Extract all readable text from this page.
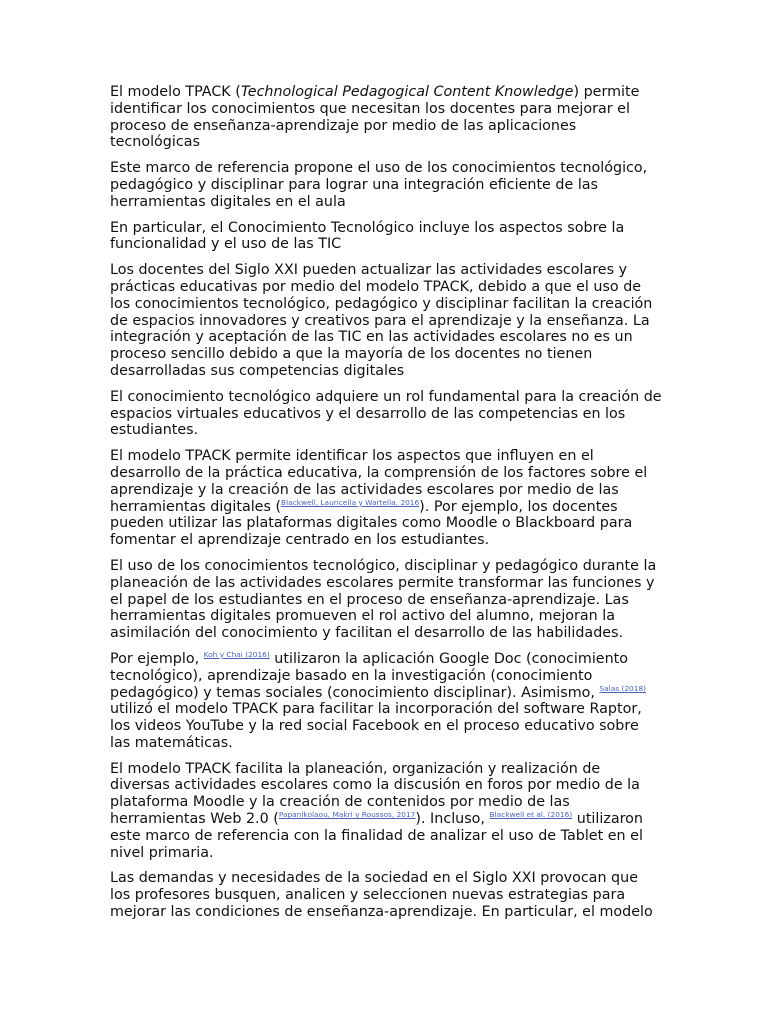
El modelo TPACK (Technological Pedagogical Content Knowledge) permite identificar los conocimientos que necesitan los docentes para mejorar el proceso de enseñanza-aprendizaje por medio de las aplicaciones tecnológicas

Este marco de referencia propone el uso de los conocimientos tecnológico, pedagógico y disciplinar para lograr una integración eficiente de las herramientas digitales en el aula

En particular, el Conocimiento Tecnológico incluye los aspectos sobre la funcionalidad y el uso de las TIC

Los docentes del Siglo XXI pueden actualizar las actividades escolares y prácticas educativas por medio del modelo TPACK, debido a que el uso de los conocimientos tecnológico, pedagógico y disciplinar facilitan la creación de espacios innovadores y creativos para el aprendizaje y la enseñanza. La integración y aceptación de las TIC en las actividades escolares no es un proceso sencillo debido a que la mayoría de los docentes no tienen desarrolladas sus competencias digitales

El conocimiento tecnológico adquiere un rol fundamental para la creación de espacios virtuales educativos y el desarrollo de las competencias en los estudiantes.

El modelo TPACK permite identificar los aspectos que influyen en el desarrollo de la práctica educativa, la comprensión de los factores sobre el aprendizaje y la creación de las actividades escolares por medio de las herramientas digitales ($^{Blackwell, Lauricella y Wartella, 2016}$). Por ejemplo, los docentes pueden utilizar las plataformas digitales como Moodle o Blackboard para fomentar el aprendizaje centrado en los estudiantes.

El uso de los conocimientos tecnológico, disciplinar y pedagógico durante la planeación de las actividades escolares permite transformar las funciones y el papel de los estudiantes en el proceso de enseñanza-aprendizaje. Las herramientas digitales promueven el rol activo del alumno, mejoran la asimilación del conocimiento y facilitan el desarrollo de las habilidades.

Por ejemplo, $^{Koh y Chai (2016)}$ utilizaron la aplicación Google Doc (conocimiento tecnológico), aprendizaje basado en la investigación (conocimiento pedagógico) y temas sociales (conocimiento disciplinar). Asimismo, $^{Salas (2018)}$ utilizó el modelo TPACK para facilitar la incorporación del software Raptor, los videos YouTube y la red social Facebook en el proceso educativo sobre las matemáticas.

El modelo TPACK facilita la planeación, organización y realización de diversas actividades escolares como la discusión en foros por medio de la plataforma Moodle y la creación de contenidos por medio de las herramientas Web 2.0 ($^{Papanikolaou, Makri y Roussos, 2017}$). Incluso, $^{Blackwell et al. (2016)}$ utilizaron este marco de referencia con la finalidad de analizar el uso de Tablet en el nivel primaria.

Las demandas y necesidades de la sociedad en el Siglo XXI provocan que los profesores busquen, analicen y seleccionen nuevas estrategias para mejorar las condiciones de enseñanza-aprendizaje. En particular, el modelo
